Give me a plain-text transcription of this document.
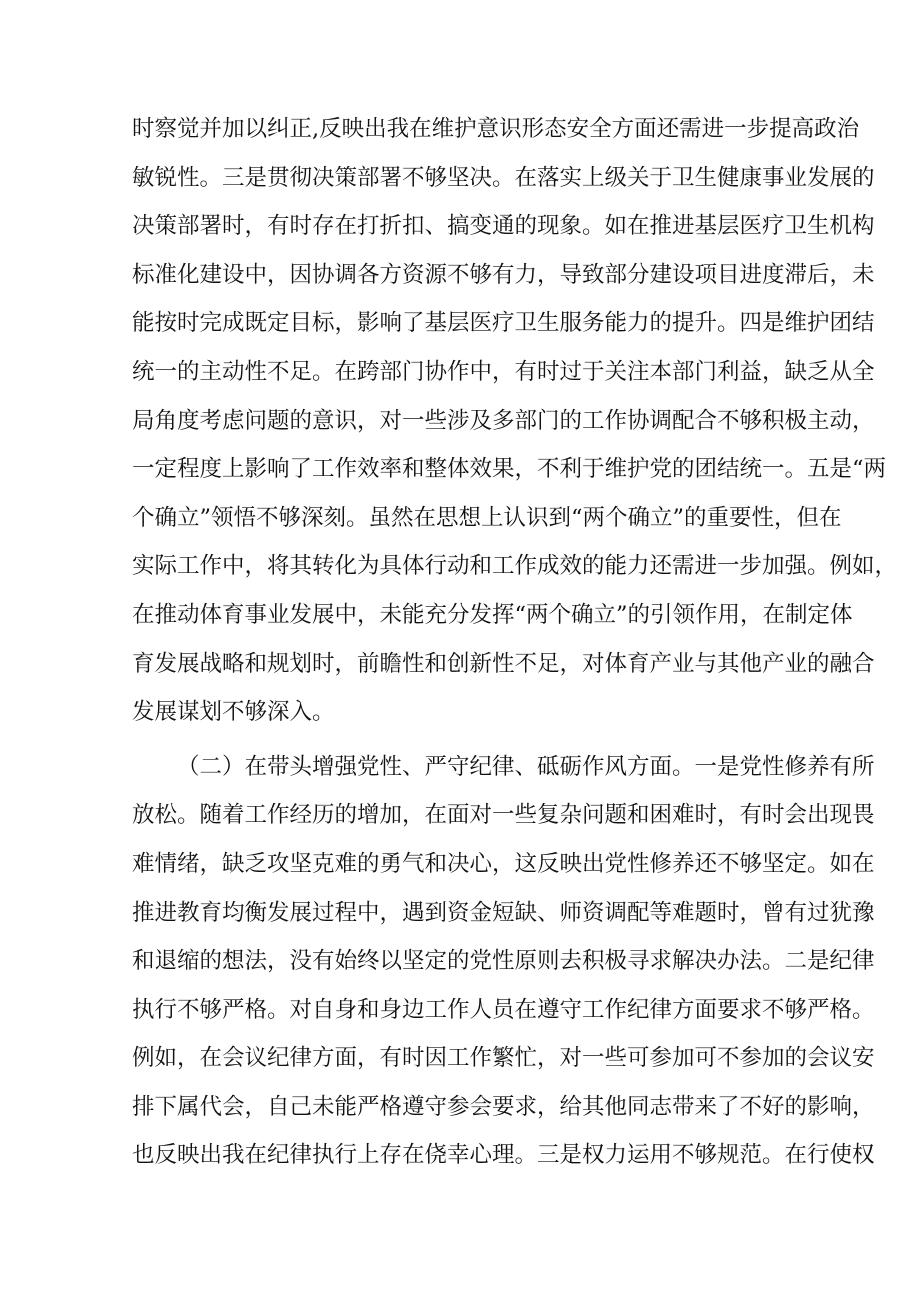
时察觉并加以纠正,反映出我在维护意识形态安全方面还需进一步提高政治
敏锐性。三是贯彻决策部署不够坚决。在落实上级关于卫生健康事业发展的
决策部署时，有时存在打折扣、搞变通的现象。如在推进基层医疗卫生机构
标准化建设中，因协调各方资源不够有力，导致部分建设项目进度滞后，未
能按时完成既定目标，影响了基层医疗卫生服务能力的提升。四是维护团结
统一的主动性不足。在跨部门协作中，有时过于关注本部门利益，缺乏从全
局角度考虑问题的意识，对一些涉及多部门的工作协调配合不够积极主动，
一定程度上影响了工作效率和整体效果，不利于维护党的团结统一。五是“两
个确立”领悟不够深刻。虽然在思想上认识到“两个确立”的重要性，但在
实际工作中，将其转化为具体行动和工作成效的能力还需进一步加强。例如，
在推动体育事业发展中，未能充分发挥“两个确立”的引领作用，在制定体
育发展战略和规划时，前瞻性和创新性不足，对体育产业与其他产业的融合
发展谋划不够深入。
（二）在带头增强党性、严守纪律、砥砺作风方面。一是党性修养有所
放松。随着工作经历的增加，在面对一些复杂问题和困难时，有时会出现畏
难情绪，缺乏攻坚克难的勇气和决心，这反映出党性修养还不够坚定。如在
推进教育均衡发展过程中，遇到资金短缺、师资调配等难题时，曾有过犹豫
和退缩的想法，没有始终以坚定的党性原则去积极寻求解决办法。二是纪律
执行不够严格。对自身和身边工作人员在遵守工作纪律方面要求不够严格。
例如，在会议纪律方面，有时因工作繁忙，对一些可参加可不参加的会议安
排下属代会，自己未能严格遵守参会要求，给其他同志带来了不好的影响，
也反映出我在纪律执行上存在侥幸心理。三是权力运用不够规范。在行使权
